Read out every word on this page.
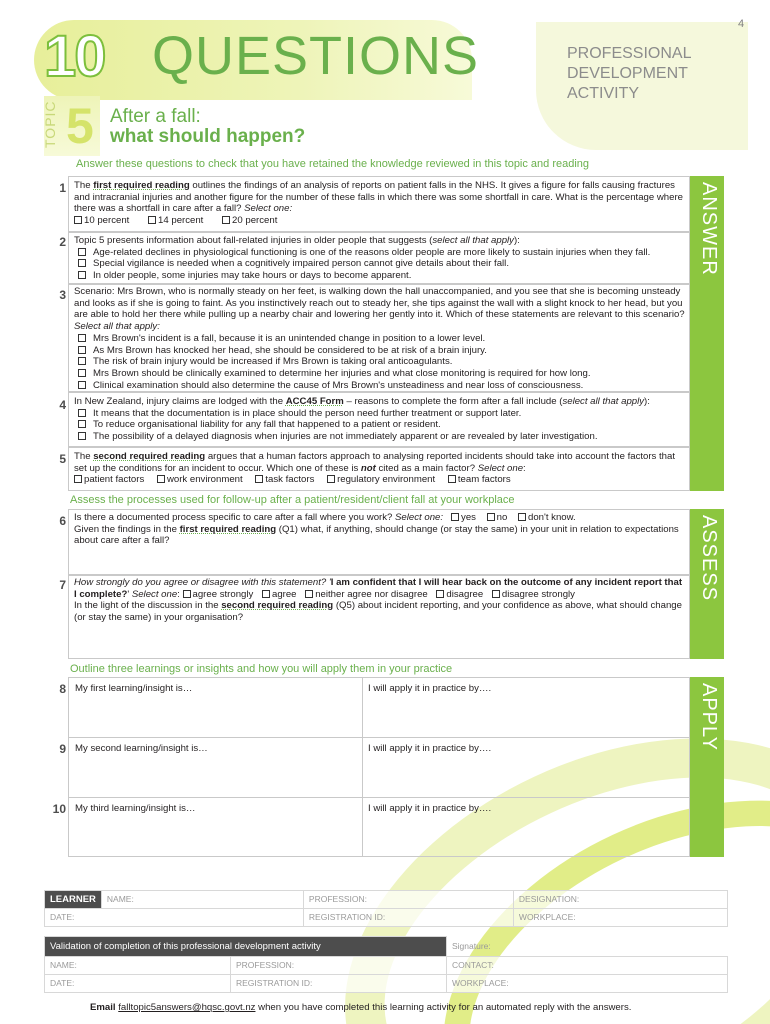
10 QUESTIONS	PROFESSIONAL
DEVELOPMENT
ACTIVITY
4
TOPIC 5 After a fall:
what should happen?
Answer these questions to check that you have retained the knowledge reviewed in this topic and reading
ANSWER
1 The first required reading outlines the findings of an analysis of reports on patient falls in the NHS. It gives a figure for falls causing fractures and intracranial injuries and another figure for the number of these falls in which there was some shortfall in care. What is the percentage where there was a shortfall in care after a fall? Select one:

10 percent	14 percent	20 percent

2 Topic 5 presents information about fall-related injuries in older people that suggests (select all that apply):

Age-related declines in physiological functioning is one of the reasons older people are more likely to sustain injuries when they fall.
Special vigilance is needed when a cognitively impaired person cannot give details about their fall.
In older people, some injuries may take hours or days to become apparent.
3 Scenario: Mrs Brown, who is normally steady on her feet, is walking down the hall unaccompanied, and you see that she is becoming unsteady and looks as if she is going to faint. As you instinctively reach out to steady her, she tips against the wall with a slight knock to her head, but you are able to hold her there while pulling up a nearby chair and lowering her gently into it. Which of these statements are relevant to this scenario? Select all that apply:

Mrs Brown's incident is a fall, because it is an unintended change in position to a lower level.
As Mrs Brown has knocked her head, she should be considered to be at risk of a brain injury.
The risk of brain injury would be increased if Mrs Brown is taking oral anticoagulants.
Mrs Brown should be clinically examined to determine her injuries and what close monitoring is required for how long.
Clinical examination should also determine the cause of Mrs Brown's unsteadiness and near loss of consciousness.
4 In New Zealand, injury claims are lodged with the ACC45 Form – reasons to complete the form after a fall include (select all that apply):

It means that the documentation is in place should the person need further treatment or support later.
To reduce organisational liability for any fall that happened to a patient or resident.
The possibility of a delayed diagnosis when injuries are not immediately apparent or are revealed by later investigation.
5 The second required reading argues that a human factors approach to analysing reported incidents should take into account the factors that set up the conditions for an incident to occur. Which one of these is not cited as a main factor? Select one:

patient factors work environment task factors regulatory environment team factors

Assess the processes used for follow-up after a patient/resident/client fall at your workplace
ASSESS
6 Is there a documented process specific to care after a fall where you work? Select one: yes no don't know.

Given the findings in the first required reading (Q1) what, if anything, should change (or stay the same) in your unit in relation to expectations about care after a fall?

7 How strongly do you agree or disagree with this statement? 'I am confident that I will hear back on the outcome of any incident report that I complete?' Select one: agree strongly agree neither agree nor disagree disagree disagree strongly

In the light of the discussion in the second required reading (Q5) about incident reporting, and your confidence as above, what should change (or stay the same) in your organisation?

Outline three learnings or insights and how you will apply them in your practice
APPLY
8 My first learning/insight is…	I will apply it in practice by….
9 My second learning/insight is…	I will apply it in practice by….
10 My third learning/insight is…	I will apply it in practice by….
LEARNER	NAME:	PROFESSION:	DESIGNATION:
DATE:		REGISTRATION ID:	WORKPLACE:
Validation of completion of this professional development activity		Signature:
NAME:	PROFESSION:	CONTACT:
DATE:	REGISTRATION ID:	WORKPLACE:
Email falltopic5answers@hqsc.govt.nz when you have completed this learning activity for an automated reply with the answers.
